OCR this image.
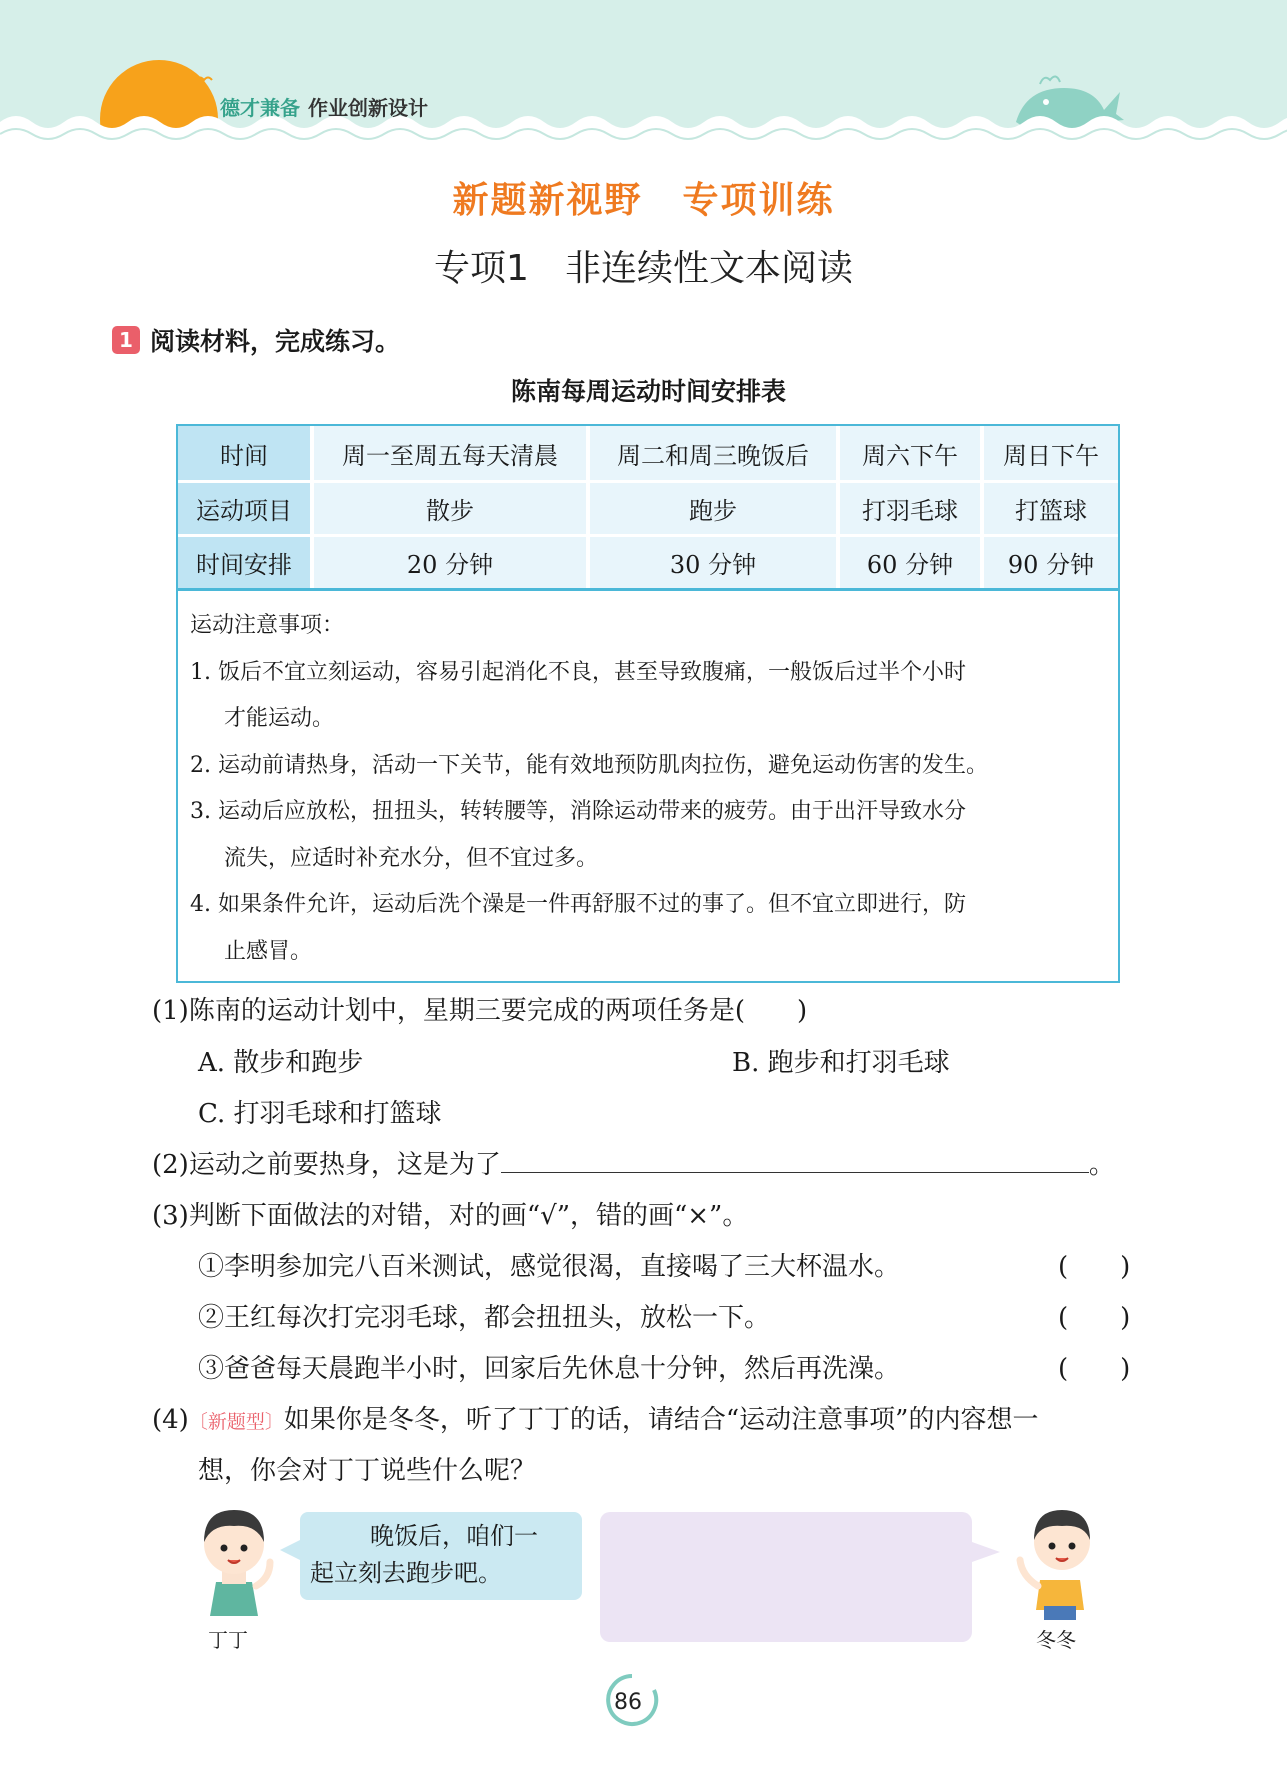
德才兼备 作业创新设计
新题新视野 专项训练
专项1　非连续性文本阅读
1 阅读材料，完成练习。
陈南每周运动时间安排表
时间	周一至周五每天清晨	周二和周三晚饭后	周六下午	周日下午
运动项目	散步	跑步	打羽毛球	打篮球
时间安排	20 分钟	30 分钟	60 分钟	90 分钟

运动注意事项：

1. 饭后不宜立刻运动，容易引起消化不良，甚至导致腹痛，一般饭后过半个小时

才能运动。

2. 运动前请热身，活动一下关节，能有效地预防肌肉拉伤，避免运动伤害的发生。

3. 运动后应放松，扭扭头，转转腰等，消除运动带来的疲劳。由于出汗导致水分

流失，应适时补充水分，但不宜过多。

4. 如果条件允许，运动后洗个澡是一件再舒服不过的事了。但不宜立即进行，防

止感冒。

(1)陈南的运动计划中，星期三要完成的两项任务是(　　)
A. 散步和跑步	B. 跑步和打羽毛球
C. 打羽毛球和打篮球
(2)运动之前要热身，这是为了	。
(3)判断下面做法的对错，对的画“√”，错的画“×”。
①李明参加完八百米测试，感觉很渴，直接喝了三大杯温水。	(　　)
②王红每次打完羽毛球，都会扭扭头，放松一下。	(　　)
③爸爸每天晨跑半小时，回家后先休息十分钟，然后再洗澡。	(　　)
(4)〔新题型〕如果你是冬冬，听了丁丁的话，请结合“运动注意事项”的内容想一
想，你会对丁丁说些什么呢？
丁丁
晚饭后，咱们一
起立刻去跑步吧。
冬冬
86
